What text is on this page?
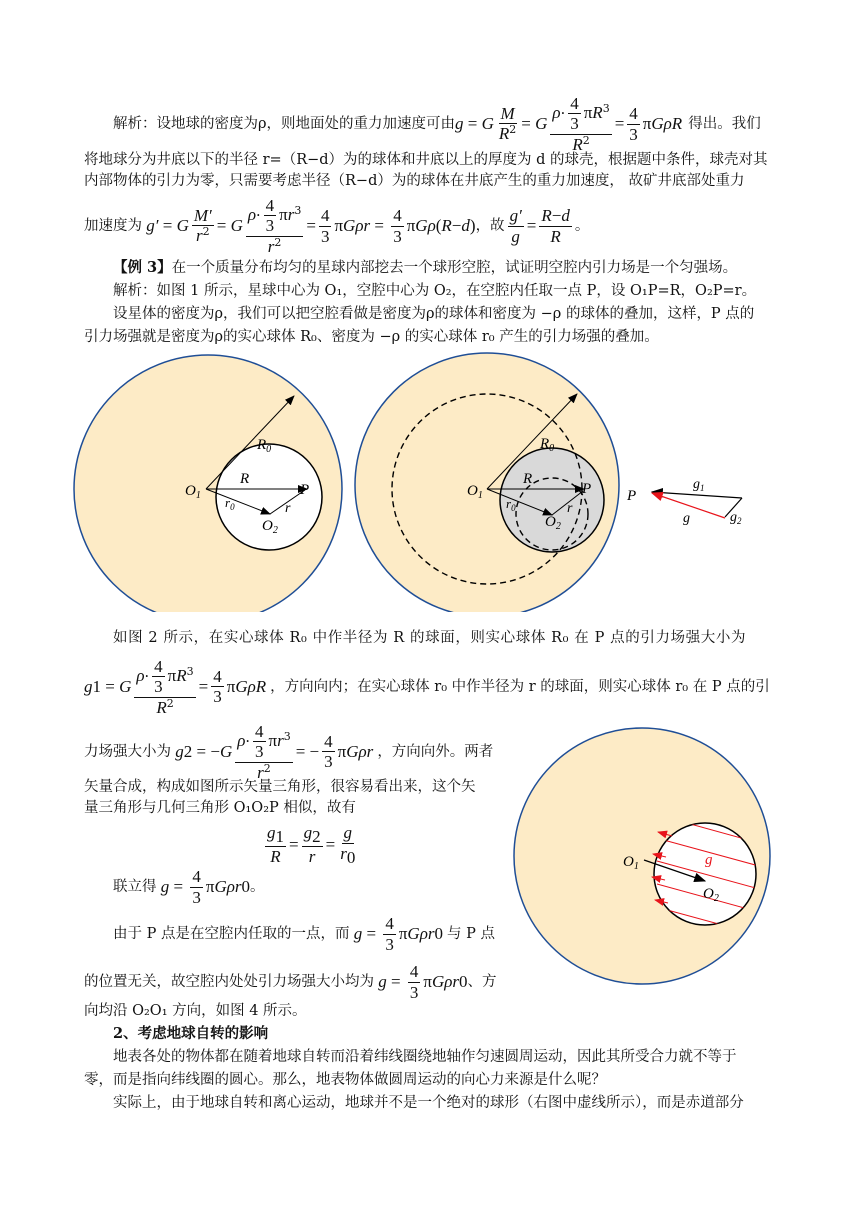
解析：设地球的密度为ρ，则地面处的重力加速度可由 g = G $\frac{M}{R^2} = G \frac{\rho\cdot \frac{4}{3} \pi R^3}{R^2} = \frac{4}{3}$ π GρR 得出。我们
将地球分为井底以下的半径 r=（R−d）为的球体和井底以上的厚度为 d 的球壳，根据题中条件，球壳对其
内部物体的引力为零，只需要考虑半径（R−d）为的球体在井底产生的重力加速度， 故矿井底部处重力
加速度为 g′ = G $\frac{M'}{r^2} = G \frac{\rho\cdot \frac{4}{3} \pi r^3}{r^2} = \frac{4}{3}$ π $G\rho r = \frac{4}{3}$ π Gρ ( R − d ) ，故 $\frac{g'}{g} = \frac{R-d}{R}$ 。
【例 3】在一个质量分布均匀的星球内部挖去一个球形空腔，试证明空腔内引力场是一个匀强场。
解析：如图 1 所示，星球中心为 O₁，空腔中心为 O₂，在空腔内任取一点 P，设 O₁P=R，O₂P=r。
设星体的密度为ρ，我们可以把空腔看做是密度为ρ的球体和密度为 −ρ 的球体的叠加，这样，P 点的
引力场强就是密度为ρ的实心球体 R₀、密度为 −ρ 的实心球体 r₀ 产生的引力场强的叠加。
$O_1$
$R_0$
R
$r_0$	r
P
$O_2$
$O_1$
$R_0$
R
$r_0$	r
P
$O_2$
P
$g_1$
g	$g_2$
如图 2 所示，在实心球体 R₀ 中作半径为 R 的球面，则实心球体 R₀ 在 P 点的引力场强大小为
g 1 = G $\frac{\rho\cdot \frac{4}{3} \pi R^3}{R^2} = \frac{4}{3}$ π GρR ，方向向内；在实心球体 r₀ 中作半径为 r 的球面，则实心球体 r₀ 在 P 点的引
力场强大小为 g 2 = − G $\frac{\rho\cdot \frac{4}{3} \pi r^3}{r^2}$ = − $\frac{4}{3}$ π Gρr ，方向向外。两者
矢量合成，构成如图所示矢量三角形，很容易看出来，这个矢
量三角形与几何三角形 O₁O₂P 相似，故有
$\frac{g_1}{R} = \frac{g_2}{r} = \frac{g}{r_0}$
联立得 $g = \frac{4}{3}$ π Gρr 0 。
由于 P 点是在空腔内任取的一点，而 $g = \frac{4}{3}$ π Gρr 0 与 P 点
的位置无关，故空腔内处处引力场强大小均为 $g = \frac{4}{3}$ π Gρr 0 、方
向均沿 O₂O₁ 方向，如图 4 所示。
$O_1$
$O_2$
g
2、考虑地球自转的影响
地表各处的物体都在随着地球自转而沿着纬线圈绕地轴作匀速圆周运动，因此其所受合力就不等于
零，而是指向纬线圈的圆心。那么，地表物体做圆周运动的向心力来源是什么呢？
实际上，由于地球自转和离心运动，地球并不是一个绝对的球形（右图中虚线所示），而是赤道部分
